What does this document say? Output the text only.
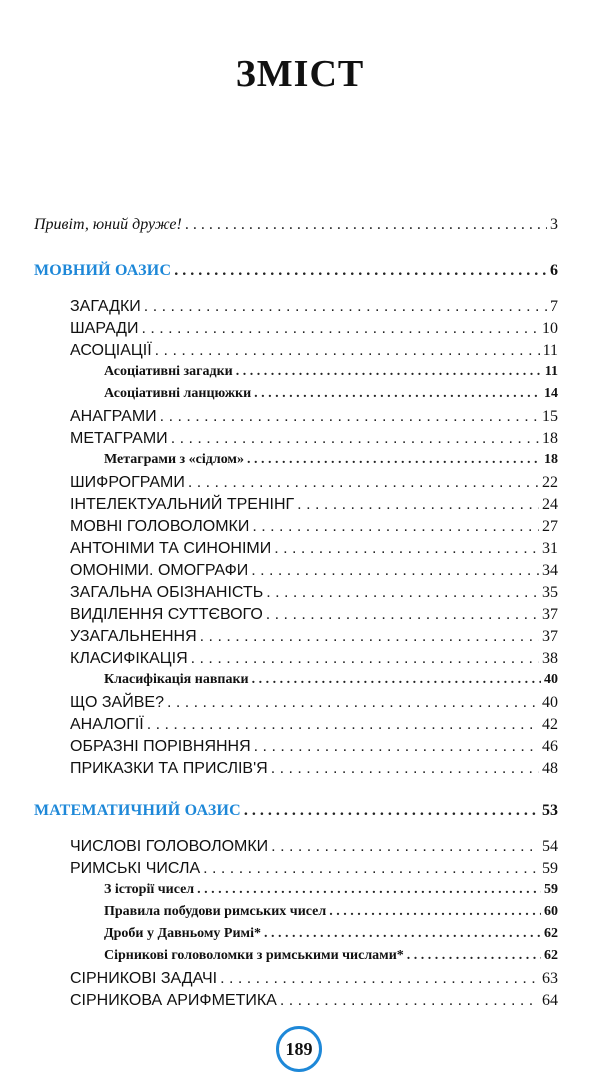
ЗМІСТ
Привіт, юний друже! . . .	3
МОВНИЙ ОАЗИС . . .	6
ЗАГАДКИ . . .	7
ШАРАДИ . . .	10
АСОЦІАЦІЇ . . .	11
Асоціативні загадки . . .	11
Асоціативні ланцюжки . . .	14
АНАГРАМИ . . .	15
МЕТАГРАМИ . . .	18
Метаграми з «сідлом» . . .	18
ШИФРОГРАМИ . . .	22
ІНТЕЛЕКТУАЛЬНИЙ ТРЕНІНГ . . .	24
МОВНІ ГОЛОВОЛОМКИ . . .	27
АНТОНІМИ ТА СИНОНІМИ . . .	31
ОМОНІМИ. ОМОГРАФИ . . .	34
ЗАГАЛЬНА ОБІЗНАНІСТЬ . . .	35
ВИДІЛЕННЯ СУТТЄВОГО . . .	37
УЗАГАЛЬНЕННЯ . . .	37
КЛАСИФІКАЦІЯ . . .	38
Класифікація навпаки . . .	40
ЩО ЗАЙВЕ? . . .	40
АНАЛОГІЇ . . .	42
ОБРАЗНІ ПОРІВНЯННЯ . . .	46
ПРИКАЗКИ ТА ПРИСЛІВ'Я . . .	48
МАТЕМАТИЧНИЙ ОАЗИС . . .	53
ЧИСЛОВІ ГОЛОВОЛОМКИ . . .	54
РИМСЬКІ ЧИСЛА . . .	59
З історії чисел . . .	59
Правила побудови римських чисел . . .	60
Дроби у Давньому Римі* . . .	62
Сірникові головоломки з римськими числами* . . .	62
СІРНИКОВІ ЗАДАЧІ . . .	63
СІРНИКОВА АРИФМЕТИКА . . .	64
189
